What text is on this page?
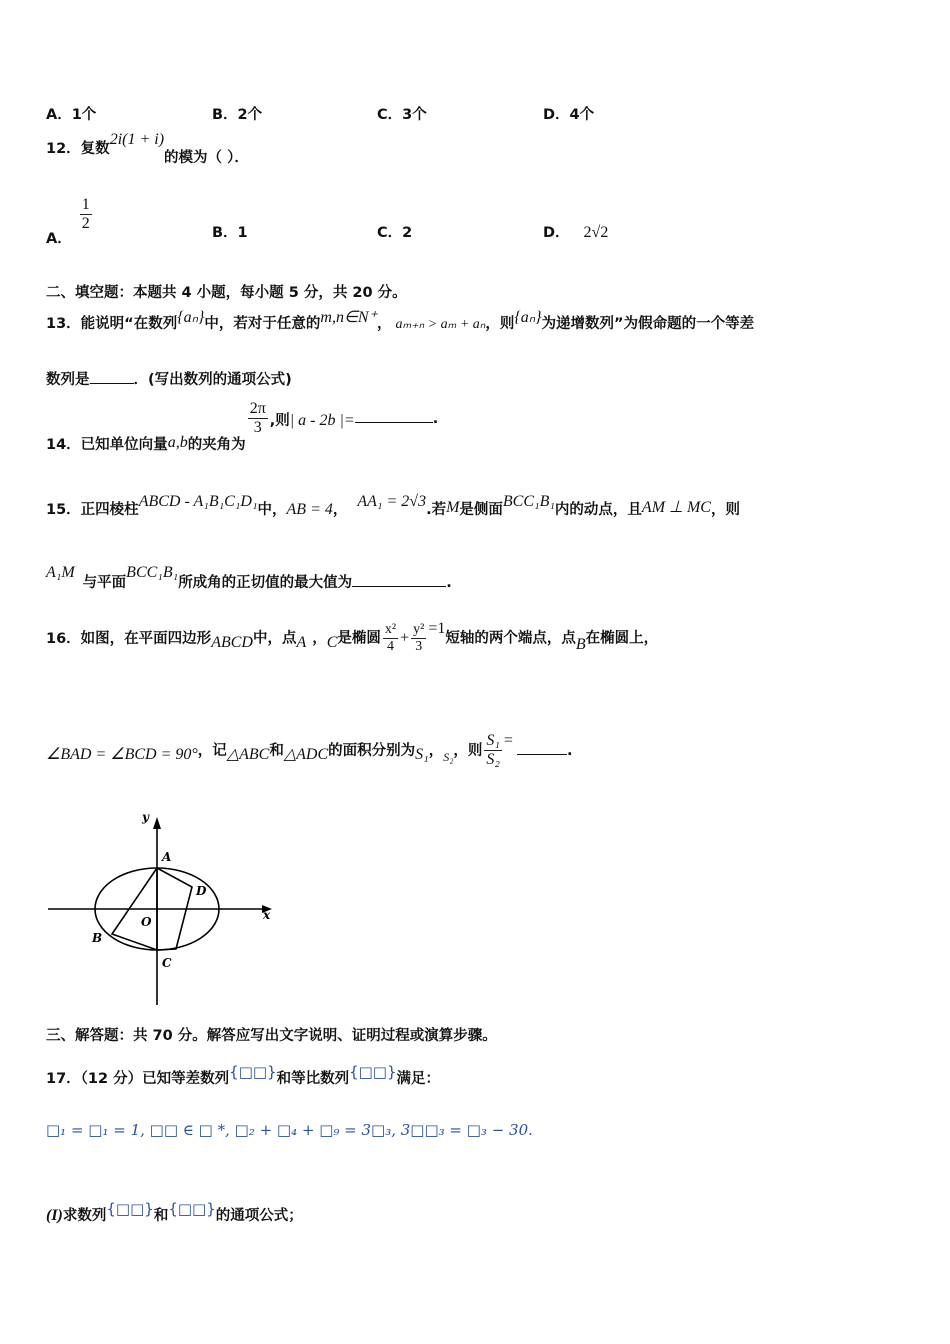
A．1个	B．2个	C．3个	D．4个
12．复数2i(1 + i)的模为（ ）．
A．
$\frac{1}{2}$	B．1	C．2	D． 2√2
二、填空题：本题共 4 小题，每小题 5 分，共 20 分。
13．能说明“在数列{aₙ}中，若对于任意的m,n∈N⁺， aₘ₊ₙ > aₘ + aₙ，则{aₙ}为递增数列”为假命题的一个等差
数列是	．(写出数列的通项公式)
14．已知单位向量a,b的夹角为
$\frac{2\pi}{3}$ ,则| a - 2b |=	.
15．正四棱柱ABCD - A₁B₁C₁D₁中，AB = 4， AA₁ = 2√3.若M是侧面BCC₁B₁内的动点，且AM ⊥ MC，则
A₁M与平面BCC₁B₁所成角的正切值的最大值为	.
16．如图，在平面四边形ABCD中，点A ，C是椭圆 $\frac{\text{x²}}{4} + \frac{\text{y²}}{3} =1$短轴的两个端点，点B在椭圆上，
∠BAD = ∠BCD = 90°，记△ABC和△ADC的面积分别为S₁，$_{S_2}$，则 $\frac{\text{S₁}}{\text{S₂}}$ =.
y
x
A
D
O
B
C
三、解答题：共 70 分。解答应写出文字说明、证明过程或演算步骤。
17．（12 分）已知等差数列{□□}和等比数列{□□}满足：
□₁ = □₁ = 1, □□ ∈ □ *, □₂ + □₄ + □₉ = 3□₃, 3□□₃ = □₃ − 30.
(I)求数列{□□}和{□□}的通项公式；
